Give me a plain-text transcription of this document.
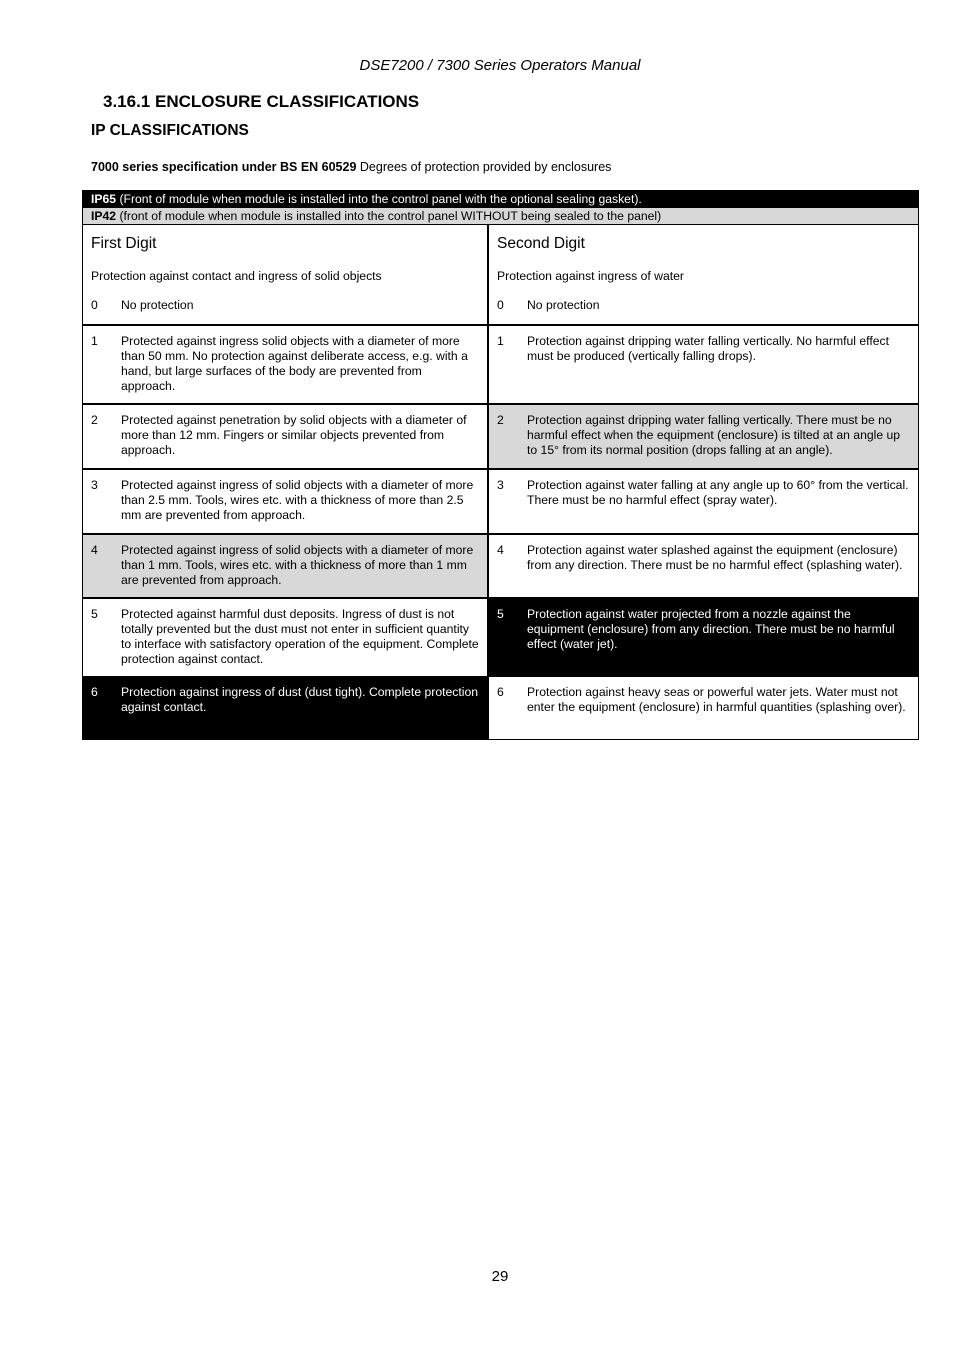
DSE7200 / 7300 Series Operators Manual
3.16.1 ENCLOSURE CLASSIFICATIONS
IP CLASSIFICATIONS
7000 series specification under BS EN 60529 Degrees of protection provided by enclosures
IP65 (Front of module when module is installed into the control panel with the optional sealing gasket).
IP42 (front of module when module is installed into the control panel WITHOUT being sealed to the panel)
First Digit
Protection against contact and ingress of solid objects
0	No protection
Second Digit
Protection against ingress of water
0	No protection
1	Protected against ingress solid objects with a diameter of more than 50 mm. No protection against deliberate access, e.g. with a hand, but large surfaces of the body are prevented from approach.
1	Protection against dripping water falling vertically. No harmful effect must be produced (vertically falling drops).
2	Protected against penetration by solid objects with a diameter of more than 12 mm. Fingers or similar objects prevented from approach.
2	Protection against dripping water falling vertically. There must be no harmful effect when the equipment (enclosure) is tilted at an angle up to 15° from its normal position (drops falling at an angle).
3	Protected against ingress of solid objects with a diameter of more than 2.5 mm. Tools, wires etc. with a thickness of more than 2.5 mm are prevented from approach.
3	Protection against water falling at any angle up to 60° from the vertical. There must be no harmful effect (spray water).
4	Protected against ingress of solid objects with a diameter of more than 1 mm. Tools, wires etc. with a thickness of more than 1 mm are prevented from approach.
4	Protection against water splashed against the equipment (enclosure) from any direction. There must be no harmful effect (splashing water).
5	Protected against harmful dust deposits. Ingress of dust is not totally prevented but the dust must not enter in sufficient quantity to interface with satisfactory operation of the equipment. Complete protection against contact.
5	Protection against water projected from a nozzle against the equipment (enclosure) from any direction. There must be no harmful effect (water jet).
6	Protection against ingress of dust (dust tight). Complete protection against contact.
6	Protection against heavy seas or powerful water jets. Water must not enter the equipment (enclosure) in harmful quantities (splashing over).
29
